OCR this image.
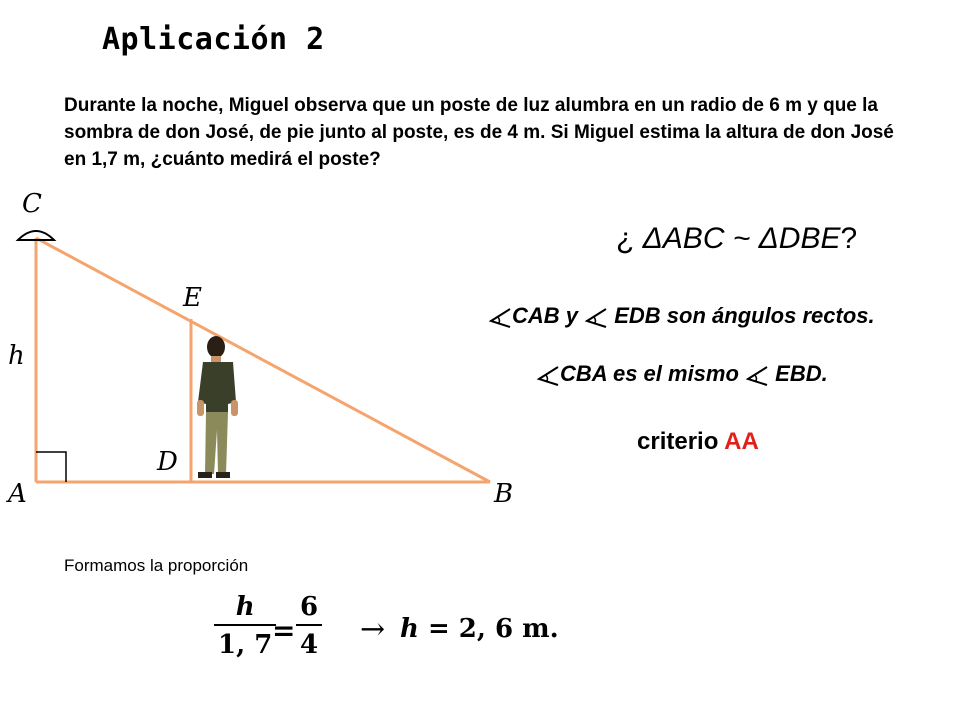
Aplicación 2
Durante la noche, Miguel observa que un poste de luz alumbra en un radio de 6 m y que la sombra de don José, de pie junto al poste, es de 4 m. Si Miguel estima la altura de don José en 1,7 m, ¿cuánto medirá el poste?
C
E
h
D
A	B
¿ ΔABC ~ ΔDBE?
CAB y  EDB son ángulos rectos.
CBA es el mismo  EBD.
criterio AA
Formamos la proporción
$\frac{h}{1, 7}$
= $\frac{6}{4} \to h = 2$, 6 m.
